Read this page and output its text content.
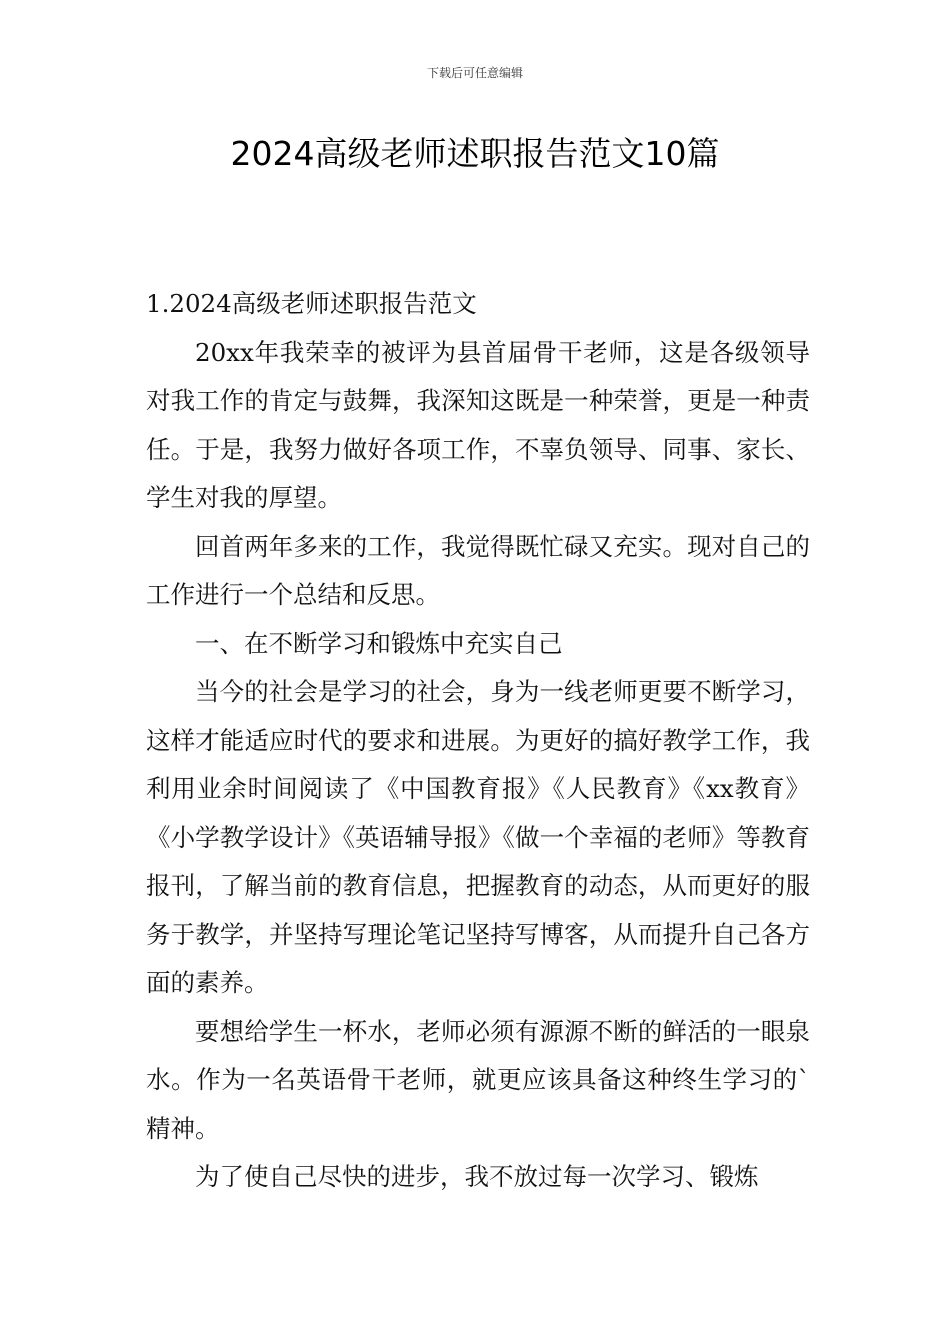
下载后可任意编辑
2024高级老师述职报告范文10篇

1.2024高级老师述职报告范文

20xx年我荣幸的被评为县首届骨干老师，这是各级领导对我工作的肯定与鼓舞，我深知这既是一种荣誉，更是一种责任。于是，我努力做好各项工作，不辜负领导、同事、家长、学生对我的厚望。

回首两年多来的工作，我觉得既忙碌又充实。现对自己的工作进行一个总结和反思。

一、在不断学习和锻炼中充实自己

当今的社会是学习的社会，身为一线老师更要不断学习，这样才能适应时代的要求和进展。为更好的搞好教学工作，我利用业余时间阅读了《中国教育报》《人民教育》《xx教育》《小学教学设计》《英语辅导报》《做一个幸福的老师》等教育报刊，了解当前的教育信息，把握教育的动态，从而更好的服务于教学，并坚持写理论笔记坚持写博客，从而提升自己各方面的素养。

要想给学生一杯水，老师必须有源源不断的鲜活的一眼泉水。作为一名英语骨干老师，就更应该具备这种终生学习的`精神。

为了使自己尽快的进步，我不放过每一次学习、锻炼
